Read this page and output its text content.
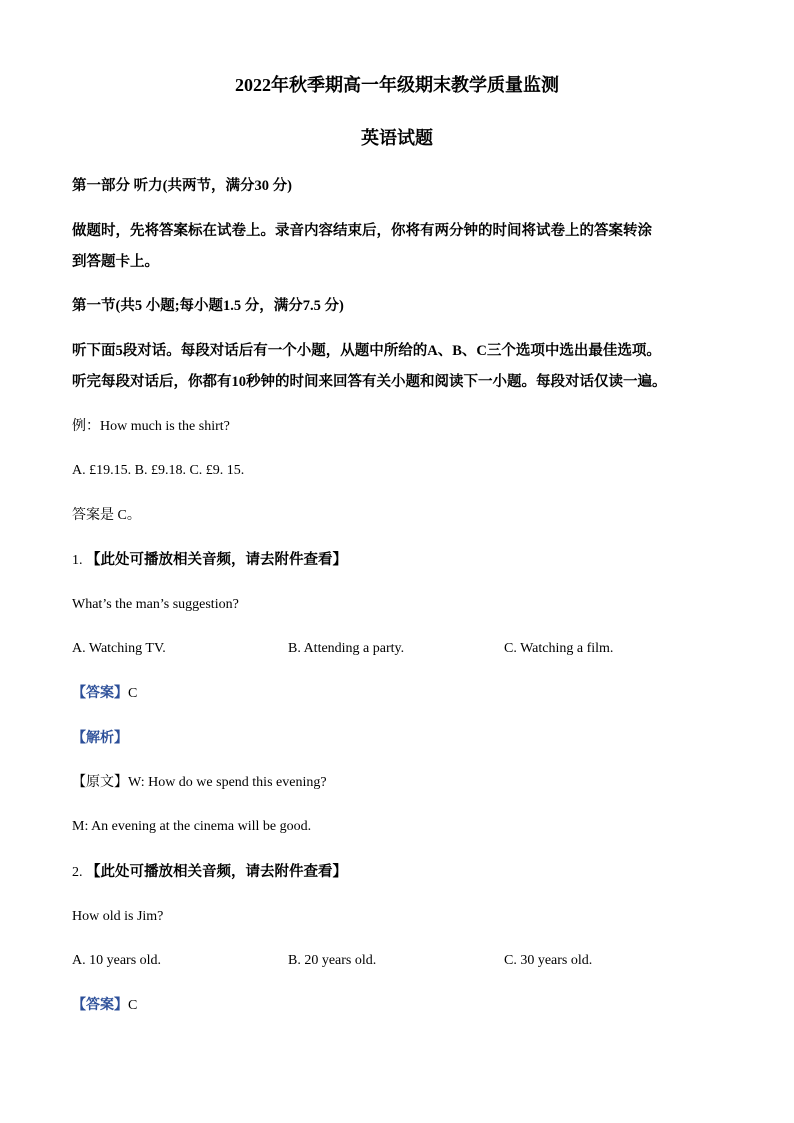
2022年秋季期高一年级期末教学质量监测
英语试题
第一部分 听力(共两节，满分30 分)
做题时，先将答案标在试卷上。录音内容结束后，你将有两分钟的时间将试卷上的答案转涂
到答题卡上。
第一节(共5 小题;每小题1.5 分，满分7.5 分)
听下面5段对话。每段对话后有一个小题，从题中所给的A、B、C三个选项中选出最佳选项。
听完每段对话后，你都有10秒钟的时间来回答有关小题和阅读下一小题。每段对话仅读一遍。
例：How much is the shirt?
A. £19.15. B. £9.18. C. £9. 15.
答案是 C。
1. 【此处可播放相关音频，请去附件查看】
What’s the man’s suggestion?
A. Watching TV.	B. Attending a party.	C. Watching a film.
【答案】C
【解析】
【原文】W: How do we spend this evening?
M: An evening at the cinema will be good.
2. 【此处可播放相关音频，请去附件查看】
How old is Jim?
A. 10 years old.	B. 20 years old.	C. 30 years old.
【答案】C
